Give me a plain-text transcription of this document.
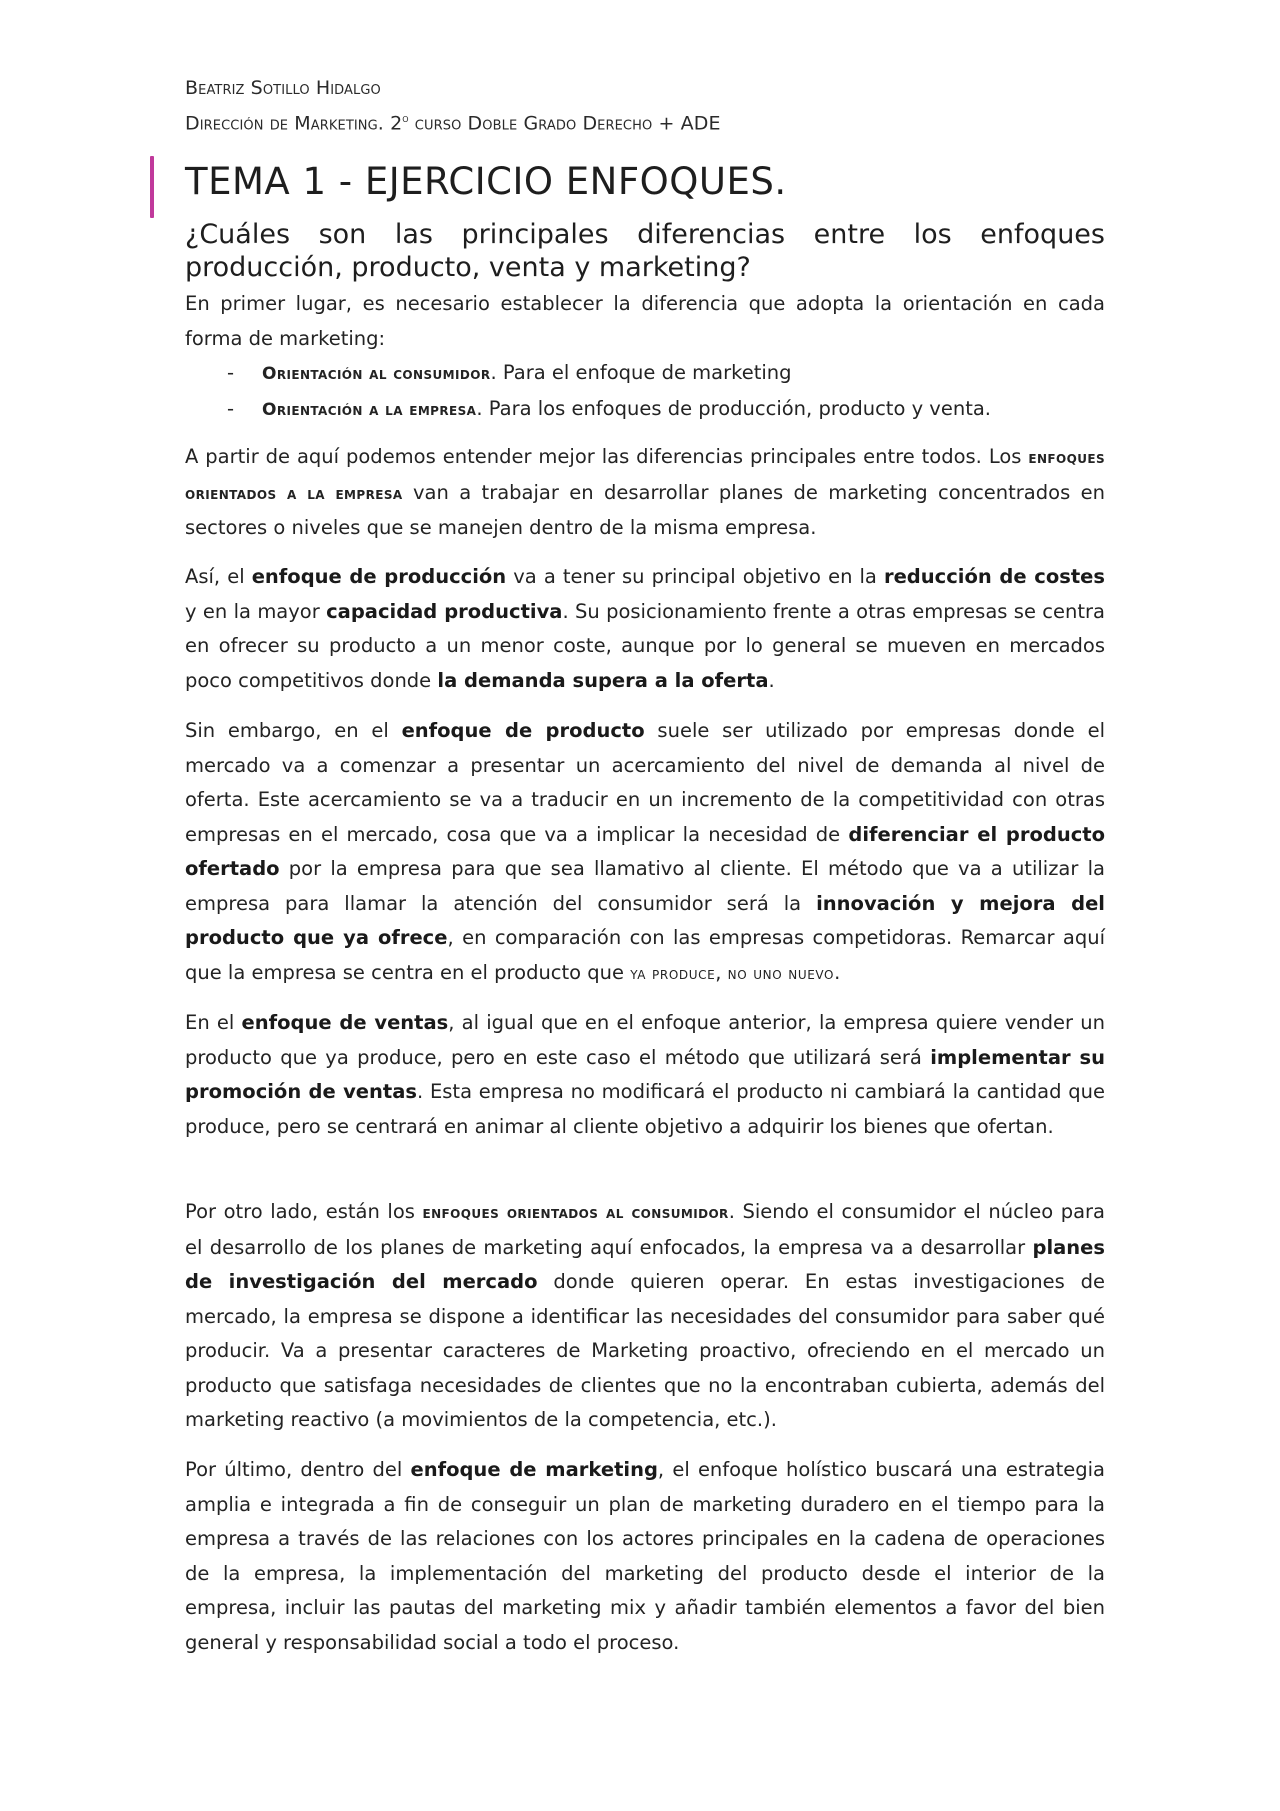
Beatriz Sotillo Hidalgo
Dirección de Marketing. 2$^o$ curso Doble Grado Derecho + ADE
TEMA 1 - EJERCICIO ENFOQUES.
¿Cuáles son las principales diferencias entre los enfoques producción, producto, venta y marketing?

En primer lugar, es necesario establecer la diferencia que adopta la orientación en cada forma de marketing:

- Orientación al consumidor. Para el enfoque de marketing
- Orientación a la empresa. Para los enfoques de producción, producto y venta.

A partir de aquí podemos entender mejor las diferencias principales entre todos. Los enfoques orientados a la empresa van a trabajar en desarrollar planes de marketing concentrados en sectores o niveles que se manejen dentro de la misma empresa.

Así, el enfoque de producción va a tener su principal objetivo en la reducción de costes y en la mayor capacidad productiva. Su posicionamiento frente a otras empresas se centra en ofrecer su producto a un menor coste, aunque por lo general se mueven en mercados poco competitivos donde la demanda supera a la oferta.

Sin embargo, en el enfoque de producto suele ser utilizado por empresas donde el mercado va a comenzar a presentar un acercamiento del nivel de demanda al nivel de oferta. Este acercamiento se va a traducir en un incremento de la competitividad con otras empresas en el mercado, cosa que va a implicar la necesidad de diferenciar el producto ofertado por la empresa para que sea llamativo al cliente. El método que va a utilizar la empresa para llamar la atención del consumidor será la innovación y mejora del producto que ya ofrece, en comparación con las empresas competidoras. Remarcar aquí que la empresa se centra en el producto que ya produce, no uno nuevo.

En el enfoque de ventas, al igual que en el enfoque anterior, la empresa quiere vender un producto que ya produce, pero en este caso el método que utilizará será implementar su promoción de ventas. Esta empresa no modificará el producto ni cambiará la cantidad que produce, pero se centrará en animar al cliente objetivo a adquirir los bienes que ofertan.

Por otro lado, están los enfoques orientados al consumidor. Siendo el consumidor el núcleo para el desarrollo de los planes de marketing aquí enfocados, la empresa va a desarrollar planes de investigación del mercado donde quieren operar. En estas investigaciones de mercado, la empresa se dispone a identificar las necesidades del consumidor para saber qué producir. Va a presentar caracteres de Marketing proactivo, ofreciendo en el mercado un producto que satisfaga necesidades de clientes que no la encontraban cubierta, además del marketing reactivo (a movimientos de la competencia, etc.).

Por último, dentro del enfoque de marketing, el enfoque holístico buscará una estrategia amplia e integrada a fin de conseguir un plan de marketing duradero en el tiempo para la empresa a través de las relaciones con los actores principales en la cadena de operaciones de la empresa, la implementación del marketing del producto desde el interior de la empresa, incluir las pautas del marketing mix y añadir también elementos a favor del bien general y responsabilidad social a todo el proceso.
